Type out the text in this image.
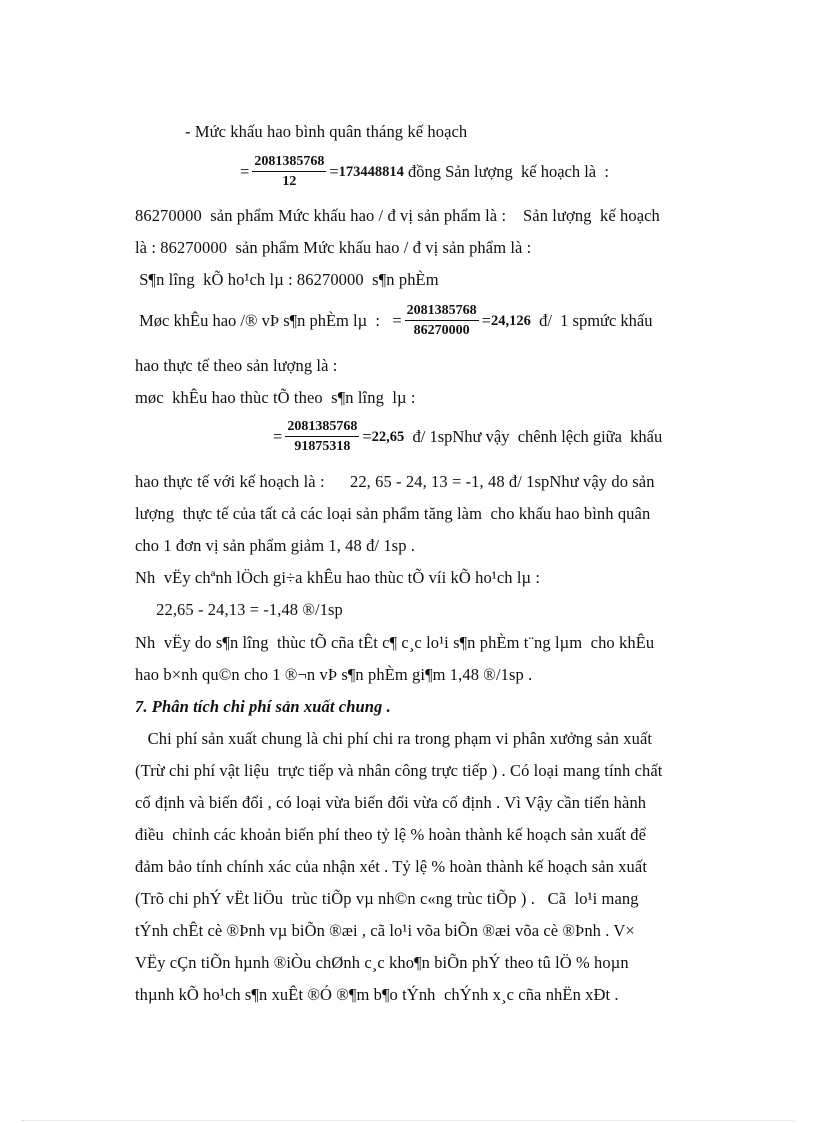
- Mức khấu hao bình quân tháng kế hoạch
= $\frac{2081385768}{12} = 173448814$ đồng Sản lượng  kế hoạch là  :
86270000  sản phẩm Mức khấu hao / đ vị sản phẩm là :    Sản lượng  kế hoạch
là : 86270000  sản phẩm Mức khấu hao / đ vị sản phẩm là :
S¶n lîng  kÕ ho¹ch lµ : 86270000  s¶n phÈm
Møc khÊu hao /® vÞ s¶n phÈm lµ  :   = $\frac{2081385768}{86270000} = 24,126$ đ/  1 spmức khấu
hao thực tế theo sản lượng là :
møc  khÊu hao thùc tÕ theo  s¶n lîng  lµ :
= $\frac{2081385768}{91875318} = 22,65$ đ/ 1spNhư vậy  chênh lệch giữa  khấu
hao thực tế với kế hoạch là :      22, 65 - 24, 13 = -1, 48 đ/ 1spNhư vậy do sản
lượng  thực tế của tất cả các loại sản phẩm tăng làm  cho khấu hao bình quân
cho 1 đơn vị sản phẩm giảm 1, 48 đ/ 1sp .
Nh  vËy chªnh lÖch gi÷a khÊu hao thùc tÕ víi kÕ ho¹ch lµ :
22,65 - 24,13 = -1,48 ®/1sp
Nh  vËy do s¶n lîng  thùc tÕ cña tÊt c¶ c¸c lo¹i s¶n phÈm t¨ng lµm  cho khÊu
hao b×nh qu©n cho 1 ®¬n vÞ s¶n phÈm gi¶m 1,48 ®/1sp .
7. Phân tích chi phí sản xuất chung .
Chi phí sản xuất chung là chi phí chi ra trong phạm vi phân xưởng sản xuất
(Trừ chi phí vật liệu  trực tiếp và nhân công trực tiếp ) . Có loại mang tính chất
cố định và biến đổi , có loại vừa biến đổi vừa cố định . Vì Vậy cần tiến hành
điều  chỉnh các khoản biến phí theo tỷ lệ % hoàn thành kế hoạch sản xuất để
đảm bảo tính chính xác của nhận xét . Tỷ lệ % hoàn thành kế hoạch sản xuất
(Trõ chi phÝ vËt liÖu  trùc tiÕp vµ nh©n c«ng trùc tiÕp ) .   Cã  lo¹i mang
tÝnh chÊt cè ®Þnh vµ biÕn ®æi , cã lo¹i võa biÕn ®æi võa cè ®Þnh . V×
VËy cÇn tiÕn hµnh ®iÒu chØnh c¸c kho¶n biÕn phÝ theo tû lÖ % hoµn
thµnh kÕ ho¹ch s¶n xuÊt ®Ó ®¶m b¶o tÝnh  chÝnh x¸c cña nhËn xÐt .
